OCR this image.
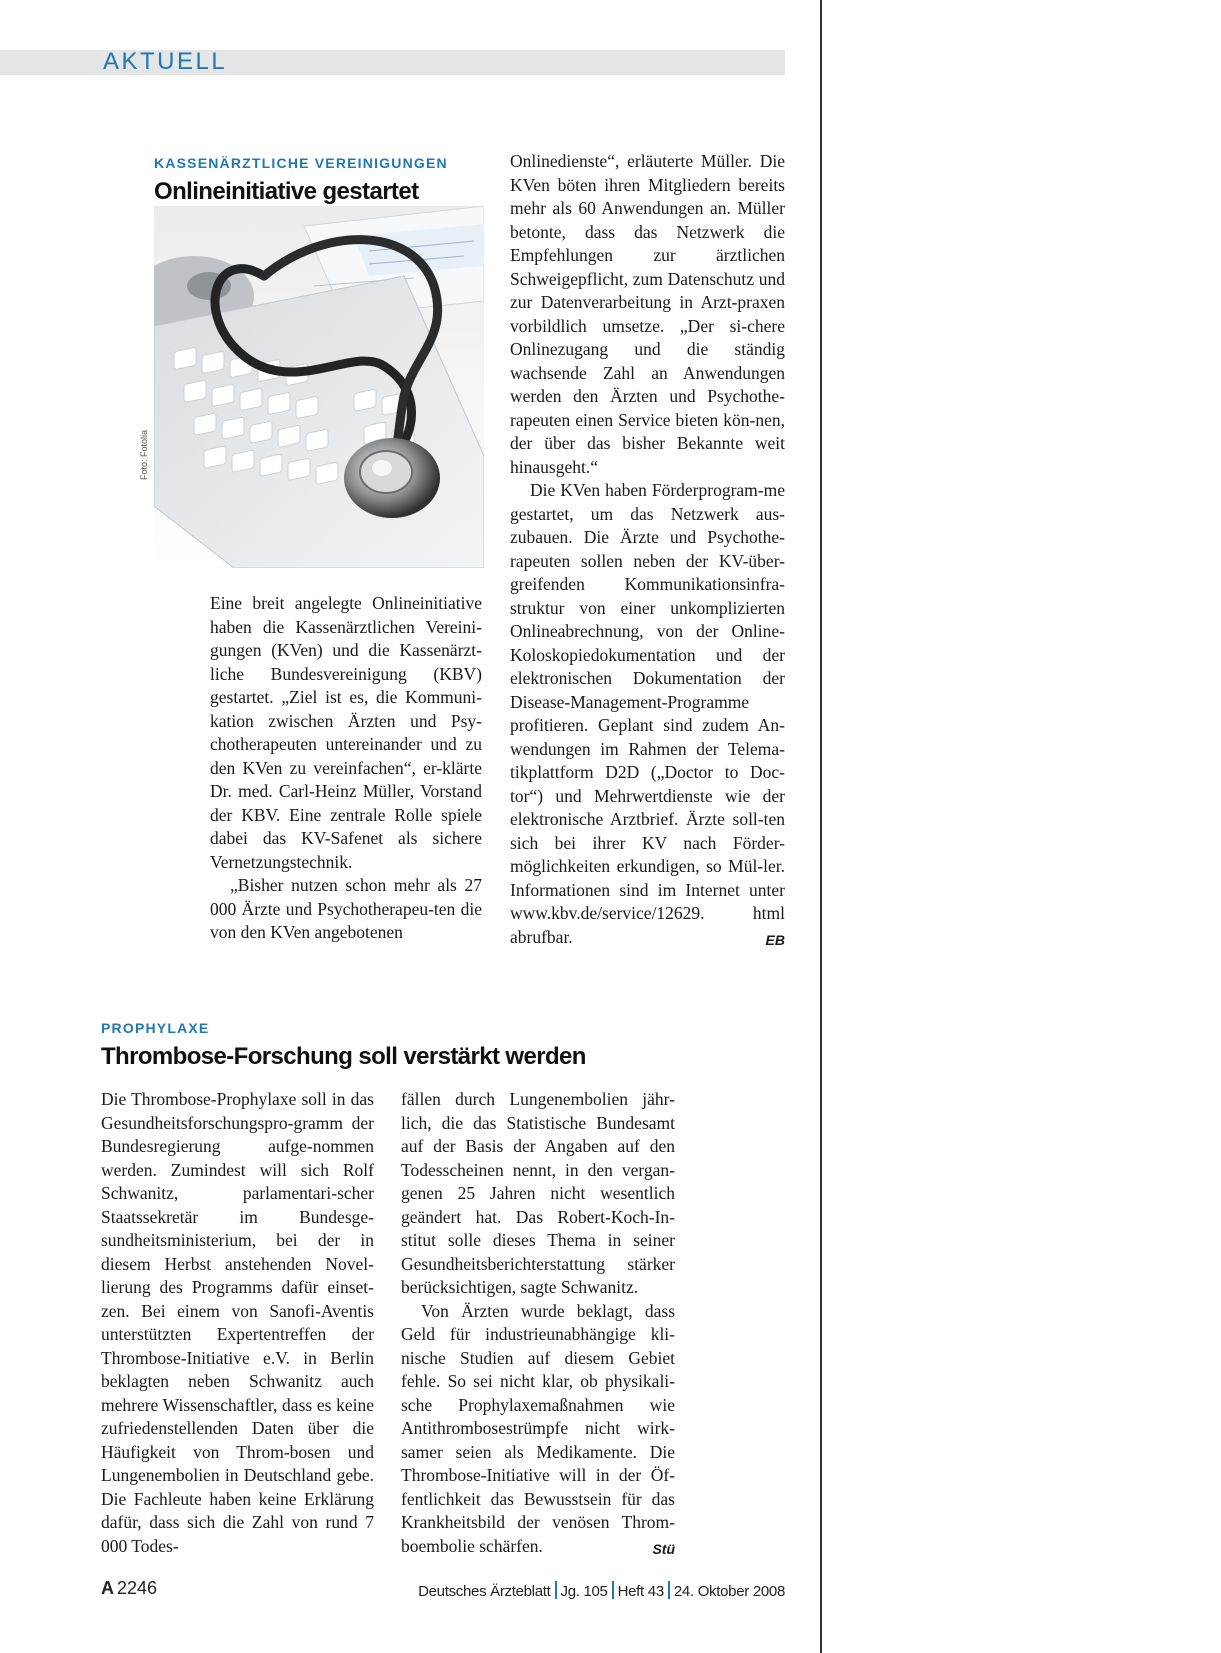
AKTUELL
KASSENÄRZTLICHE VEREINIGUNGEN
Onlineinitiative gestartet
Foto: Fotolia

Eine breit angelegte Onlineinitiative haben die Kassenärztlichen Vereini-gungen (KVen) und die Kassenärzt-liche Bundesvereinigung (KBV) gestartet. „Ziel ist es, die Kommuni-kation zwischen Ärzten und Psy-chotherapeuten untereinander und zu den KVen zu vereinfachen“, er-klärte Dr. med. Carl-Heinz Müller, Vorstand der KBV. Eine zentrale Rolle spiele dabei das KV-Safenet als sichere Vernetzungstechnik.

„Bisher nutzen schon mehr als 27 000 Ärzte und Psychotherapeu-ten die von den KVen angebotenen

Onlinedienste“, erläuterte Müller. Die KVen böten ihren Mitgliedern bereits mehr als 60 Anwendungen an. Müller betonte, dass das Netzwerk die Empfehlungen zur ärztlichen Schweigepflicht, zum Datenschutz und zur Datenverarbeitung in Arzt-praxen vorbildlich umsetze. „Der si-chere Onlinezugang und die ständig wachsende Zahl an Anwendungen werden den Ärzten und Psychothe-rapeuten einen Service bieten kön-nen, der über das bisher Bekannte weit hinausgeht.“

Die KVen haben Förderprogram-me gestartet, um das Netzwerk aus-zubauen. Die Ärzte und Psychothe-rapeuten sollen neben der KV-über-greifenden Kommunikationsinfra-struktur von einer unkomplizierten Onlineabrechnung, von der Online-Koloskopiedokumentation und der elektronischen Dokumentation der Disease-Management-Programme profitieren. Geplant sind zudem An-wendungen im Rahmen der Telema-tikplattform D2D („Doctor to Doc-tor“) und Mehrwertdienste wie der elektronische Arztbrief. Ärzte soll-ten sich bei ihrer KV nach Förder-möglichkeiten erkundigen, so Mül-ler. Informationen sind im Internet unter www.kbv.de/service/12629. html abrufbar.	EB
PROPHYLAXE
Thrombose-Forschung soll verstärkt werden

Die Thrombose-Prophylaxe soll in das Gesundheitsforschungspro-gramm der Bundesregierung aufge-nommen werden. Zumindest will sich Rolf Schwanitz, parlamentari-scher Staatssekretär im Bundesge-sundheitsministerium, bei der in diesem Herbst anstehenden Novel-lierung des Programms dafür einset-zen. Bei einem von Sanofi-Aventis unterstützten Expertentreffen der Thrombose-Initiative e.V. in Berlin beklagten neben Schwanitz auch mehrere Wissenschaftler, dass es keine zufriedenstellenden Daten über die Häufigkeit von Throm-bosen und Lungenembolien in Deutschland gebe. Die Fachleute haben keine Erklärung dafür, dass sich die Zahl von rund 7 000 Todes-

fällen durch Lungenembolien jähr-lich, die das Statistische Bundesamt auf der Basis der Angaben auf den Todesscheinen nennt, in den vergan-genen 25 Jahren nicht wesentlich geändert hat. Das Robert-Koch-In-stitut solle dieses Thema in seiner Gesundheitsberichterstattung stärker berücksichtigen, sagte Schwanitz.

Von Ärzten wurde beklagt, dass Geld für industrieunabhängige kli-nische Studien auf diesem Gebiet fehle. So sei nicht klar, ob physikali-sche Prophylaxemaßnahmen wie Antithrombosestrümpfe nicht wirk-samer seien als Medikamente. Die Thrombose-Initiative will in der Öf-fentlichkeit das Bewusstsein für das Krankheitsbild der venösen Throm-boembolie schärfen.	Stü
A 2246	Deutsches Ärzteblatt Jg. 105 Heft 43 24. Oktober 2008
